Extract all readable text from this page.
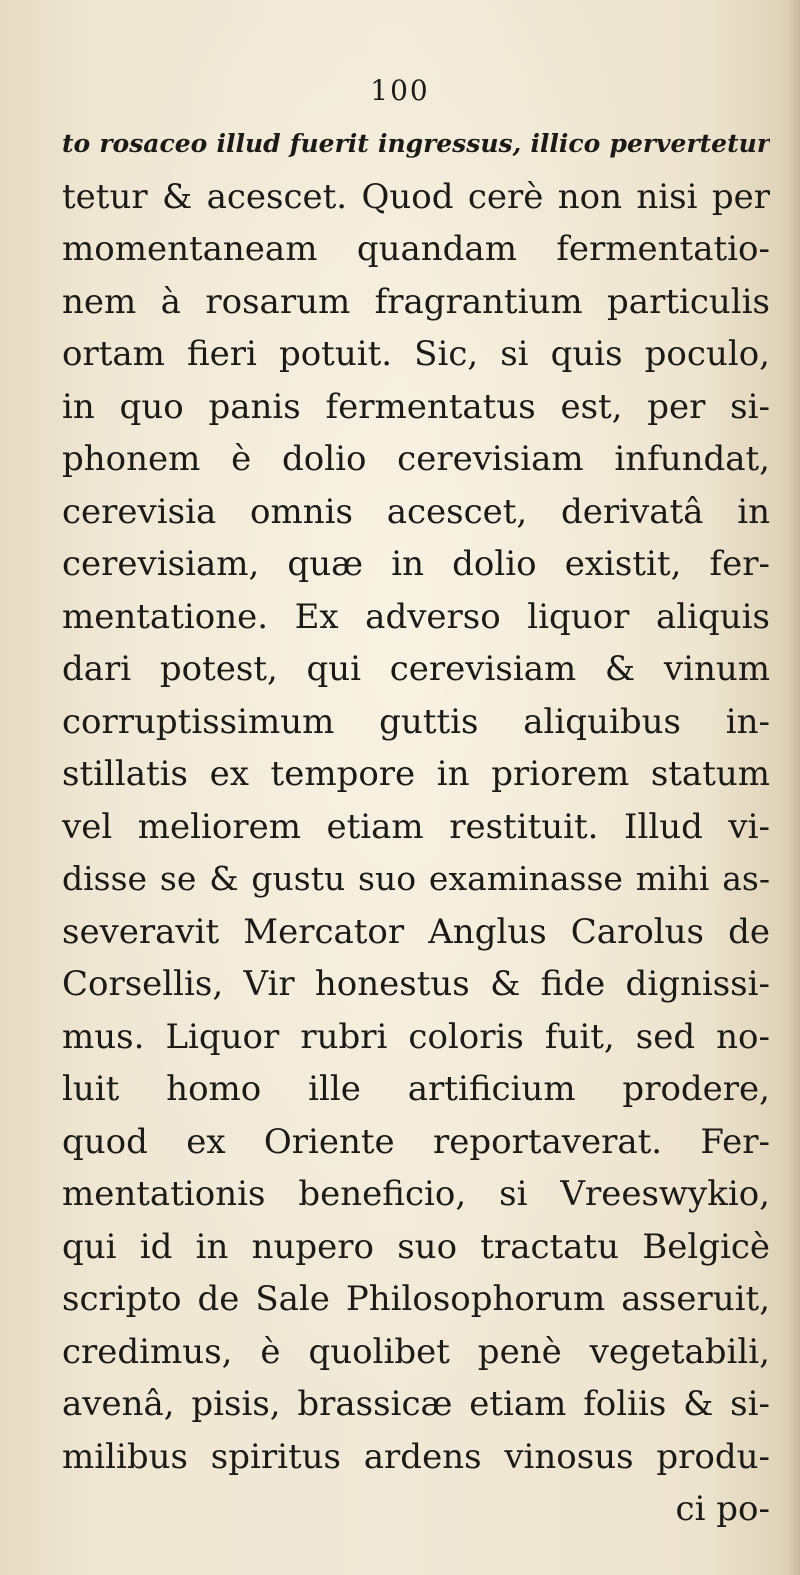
100
to rosaceo illud fuerit ingressus, illico pervertetur
tetur & acescet. Quod cerè non nisi per
momentaneam quandam fermentatio-
nem à rosarum fragrantium particulis
ortam fieri potuit. Sic, si quis poculo,
in quo panis fermentatus est, per si-
phonem è dolio cerevisiam infundat,
cerevisia omnis acescet, derivatâ in
cerevisiam, quæ in dolio existit, fer-
mentatione. Ex adverso liquor aliquis
dari potest, qui cerevisiam & vinum
corruptissimum guttis aliquibus in-
stillatis ex tempore in priorem statum
vel meliorem etiam restituit. Illud vi-
disse se & gustu suo examinasse mihi as-
severavit Mercator Anglus Carolus de
Corsellis, Vir honestus & fide dignissi-
mus. Liquor rubri coloris fuit, sed no-
luit homo ille artificium prodere,
quod ex Oriente reportaverat. Fer-
mentationis beneficio, si Vreeswykio,
qui id in nupero suo tractatu Belgicè
scripto de Sale Philosophorum asseruit,
credimus, è quolibet penè vegetabili,
avenâ, pisis, brassicæ etiam foliis & si-
milibus spiritus ardens vinosus produ-
ci po-
